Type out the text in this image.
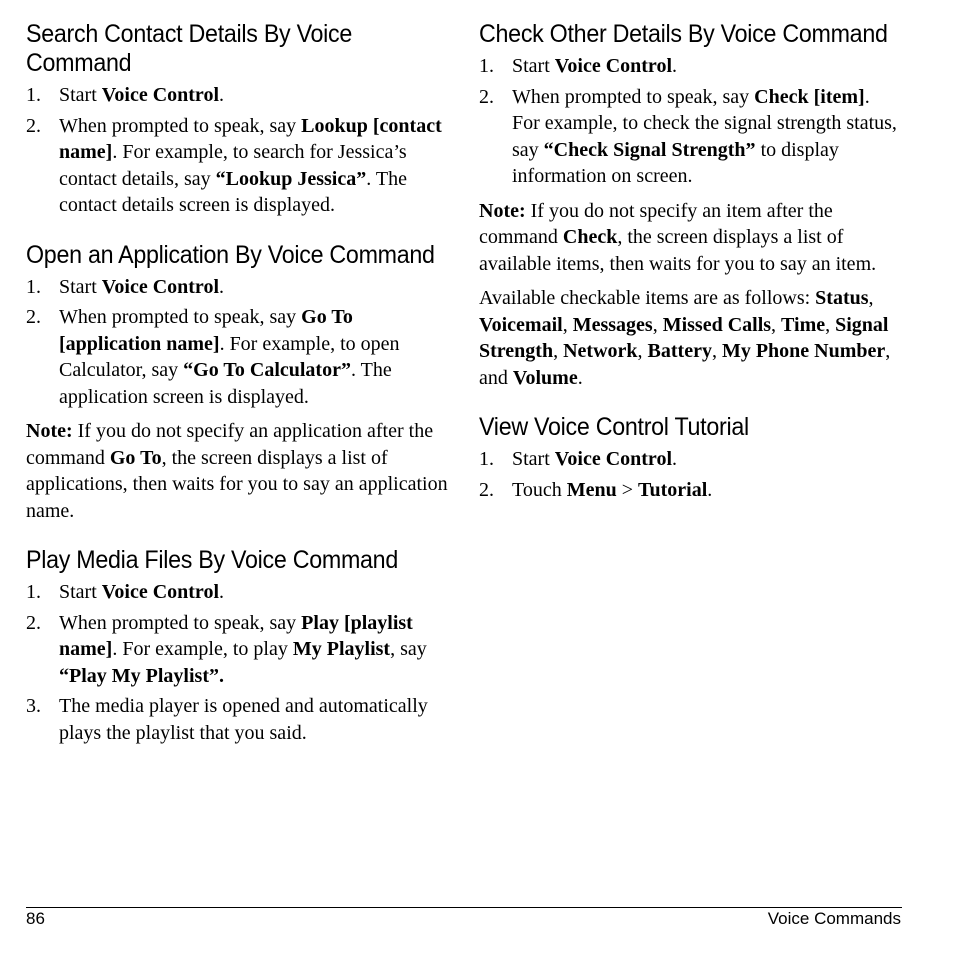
Search Contact Details By Voice Command
1. Start Voice Control.
2. When prompted to speak, say Lookup [contact name]. For example, to search for Jessica’s contact details, say “Lookup Jessica”. The contact details screen is displayed.
Open an Application By Voice Command
1. Start Voice Control.
2. When prompted to speak, say Go To [application name]. For example, to open Calculator, say “Go To Calculator”. The application screen is displayed.

Note: If you do not specify an application after the command Go To, the screen displays a list of applications, then waits for you to say an application name.

Play Media Files By Voice Command
1. Start Voice Control.
2. When prompted to speak, say Play [playlist name]. For example, to play My Playlist, say “Play My Playlist”.
3. The media player is opened and automatically plays the playlist that you said.
Check Other Details By Voice Command
1. Start Voice Control.
2. When prompted to speak, say Check [item]. For example, to check the signal strength status, say “Check Signal Strength” to display information on screen.

Note: If you do not specify an item after the command Check, the screen displays a list of available items, then waits for you to say an item.

Available checkable items are as follows: Status, Voicemail, Messages, Missed Calls, Time, Signal Strength, Network, Battery, My Phone Number, and Volume.

View Voice Control Tutorial
1. Start Voice Control.
2. Touch Menu > Tutorial.
86	Voice Commands
